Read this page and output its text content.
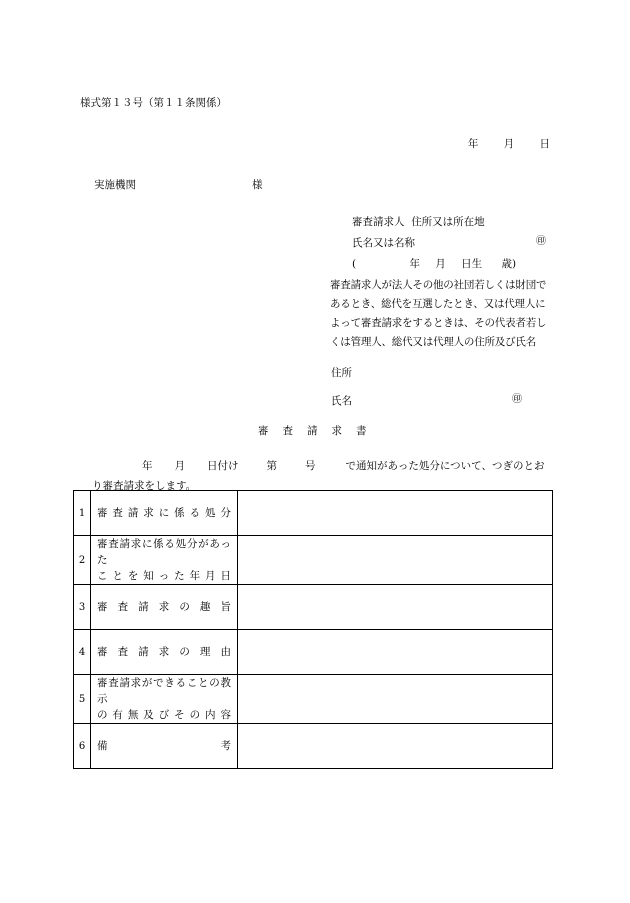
様式第１３号（第１１条関係）
年 月 日
実施機関	様
審査請求人 住所又は所在地
氏名又は名称	㊞
(	年 月 日生 歳)
審査請求人が法人その他の社団若しくは財団であるとき、総代を互選したとき、又は代理人によって審査請求をするときは、その代表者若しくは管理人、総代又は代理人の住所及び氏名
住所
氏名	㊞
審査請求書
年 月 日付け	第	号	で通知があった処分について、つぎのとおり審査請求をします。
1	審査請求に係る処分	

2	審査請求に係る処分があった
ことを知った年月日	

3	審査請求の趣旨	

4	審査請求の理由	

5	審査請求ができることの教示
の有無及びその内容	

6	備考	
